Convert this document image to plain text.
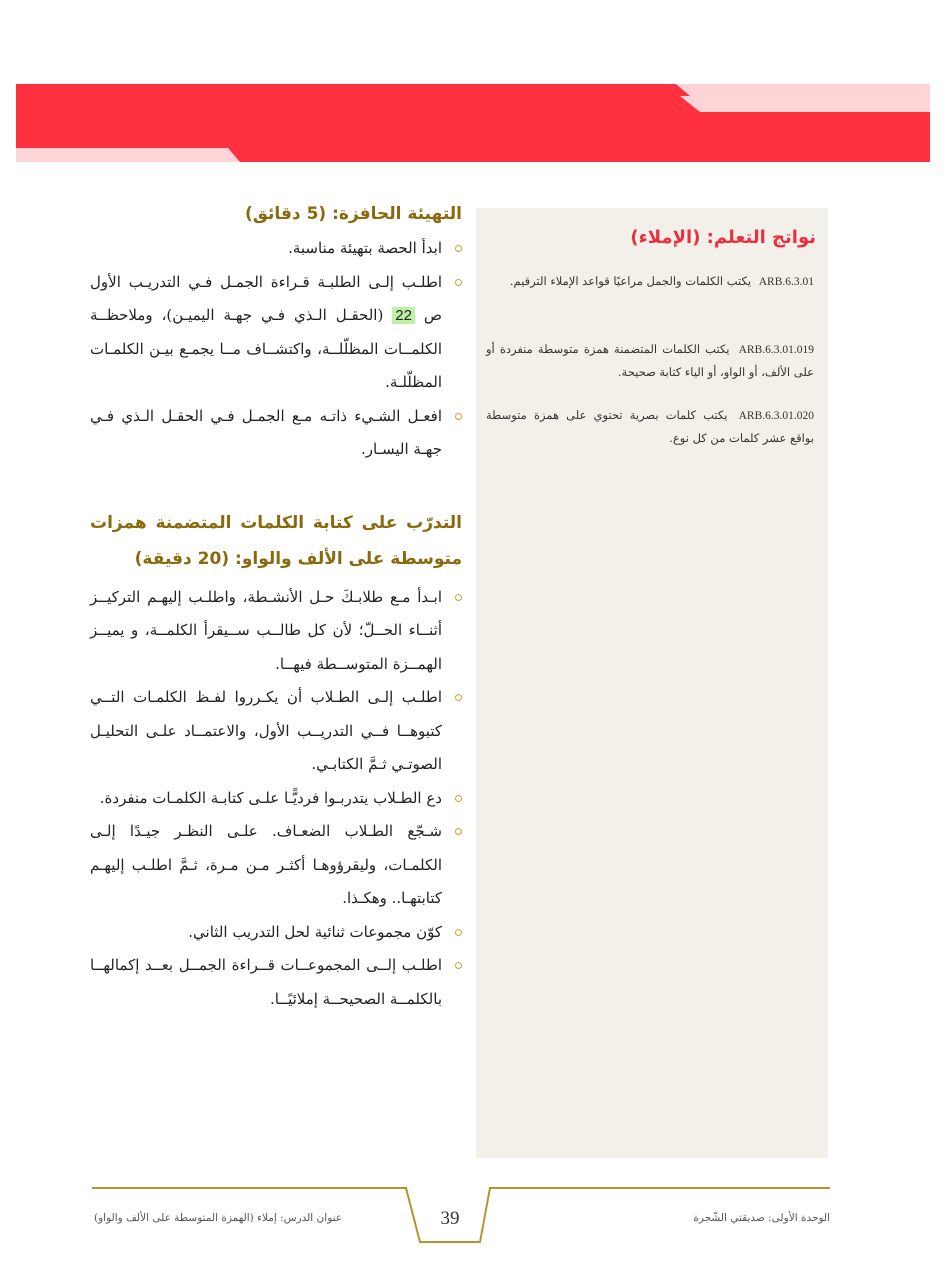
نواتج التعلم: (الإملاء)
ARB.6.3.01 يكتب الكلمات والجمل مراعيًا قواعد الإملاء الترقيم.
ARB.6.3.01.019 يكتب الكلمات المتضمنة همزة متوسطة منفردة أو على الألف، أو الواو، أو الياء كتابة صحيحة.
ARB.6.3.01.020 يكتب كلمات بصرية تحتوي على همزة متوسطة بواقع عشر كلمات من كل نوع.
التهيئة الحافزة: (5 دقائق)
ابدأ الحصة بتهيئة مناسبة.
اطلـب إلـى الطلبـة قـراءة الجمـل فـي التدريـب الأول ص 22 (الحقـل الـذي فـي جهـة اليميـن)، وملاحظــة الكلمــات المظلّلــة، واكتشــاف مــا يجمـع بيـن الكلمـات المظلّلـة.
افعـل الشـيء ذاتـه مـع الجمـل فـي الحقـل الـذي فـي جهـة اليسـار.
التدرّب على كتابة الكلمات المتضمنة همزات متوسطة على الألف والواو: (20 دقيقة)
ابـدأ مـع طلابـكَ حـل الأنشـطة، واطلـب إليهـم التركيــز أثنــاء الحــلّ؛ لأن كل طالــب ســيقرأ الكلمــة، و يميــز الهمــزة المتوســطة فيهــا.
اطلـب إلـى الطـلاب أن يكـرروا لفـظ الكلمـات التــي كتبوهــا فــي التدريــب الأول، والاعتمــاد علـى التحليـل الصوتـي ثـمَّ الكتابـي.
دع الطـلاب يتدربـوا فرديًّـا علـى كتابـة الكلمـات منفردة.
شـجّع الطـلاب الضعـاف. علـى النظـر جيـدًا إلـى الكلمـات، وليقرؤوهـا أكثـر مـن مـرة، ثـمَّ اطلـب إليهـم كتابتهـا.. وهكـذا.
كوّن مجموعات ثنائية لحل التدريب الثاني.
اطلـب إلــى المجموعــات قــراءة الجمــل بعــد إكمالهــا بالكلمــة الصحيحــة إملائيًــا.
عنوان الدرس: إملاء (الهمزة المتوسطة على الألف والواو)	39	الوحدة الأولى: صديقتي الشّجرة
